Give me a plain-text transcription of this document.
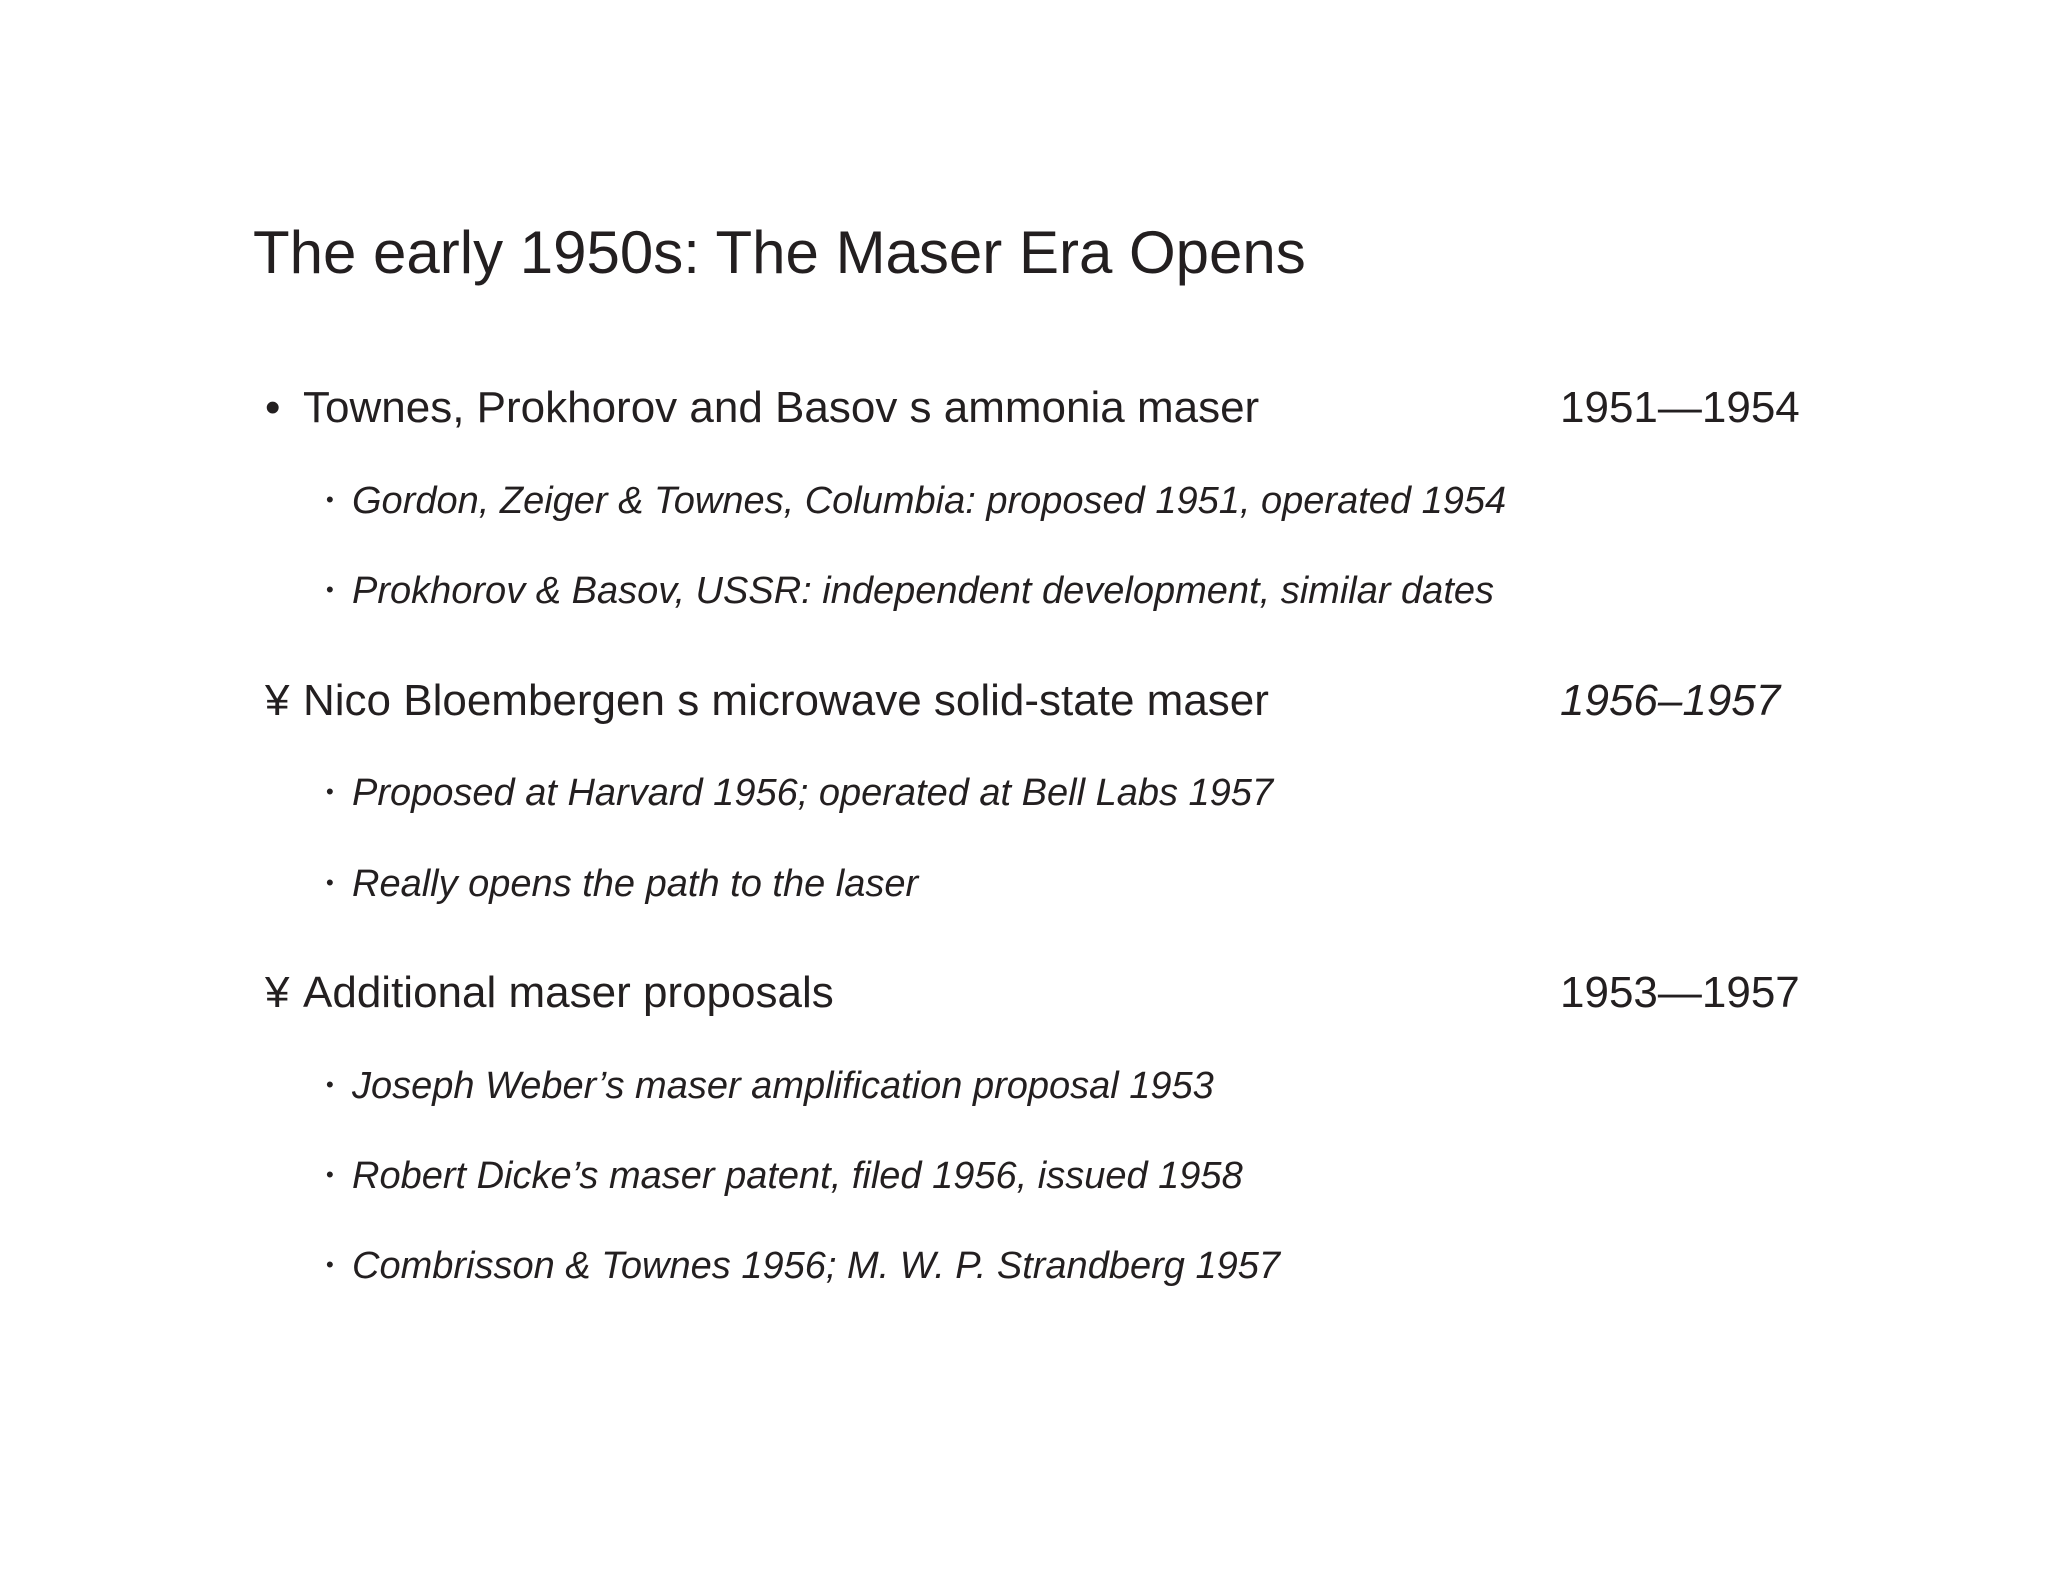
The early 1950s: The Maser Era Opens
• Townes, Prokhorov and Basov s ammonia maser	1951—1954
• Gordon, Zeiger & Townes, Columbia: proposed 1951, operated 1954
• Prokhorov & Basov, USSR: independent development, similar dates
¥ Nico Bloembergen s microwave solid-state maser	1956–1957
• Proposed at Harvard 1956; operated at Bell Labs 1957
• Really opens the path to the laser
¥ Additional maser proposals	1953—1957
• Joseph Weber’s maser amplification proposal 1953
• Robert Dicke’s maser patent, filed 1956, issued 1958
• Combrisson & Townes 1956; M. W. P. Strandberg 1957
